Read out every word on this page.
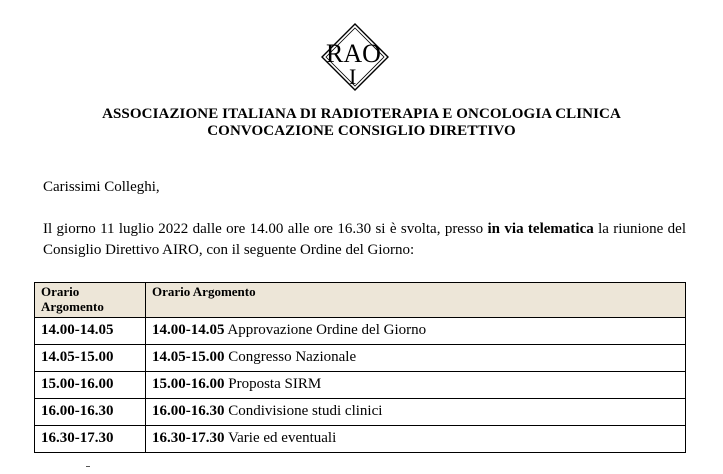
RAO
I
ASSOCIAZIONE ITALIANA DI RADIOTERAPIA E ONCOLOGIA CLINICA
CONVOCAZIONE CONSIGLIO DIRETTIVO
Carissimi Colleghi,
Il giorno 11 luglio 2022 dalle ore 14.00 alle ore 16.30 si è svolta, presso in via telematica la riunione del Consiglio Direttivo AIRO, con il seguente Ordine del Giorno:
Orario Argomento	Orario Argomento
14.00-14.05	14.00-14.05 Approvazione Ordine del Giorno
14.05-15.00	14.05-15.00 Congresso Nazionale
15.00-16.00	15.00-16.00 Proposta SIRM
16.00-16.30	16.00-16.30 Condivisione studi clinici
16.30-17.30	16.30-17.30 Varie ed eventuali
